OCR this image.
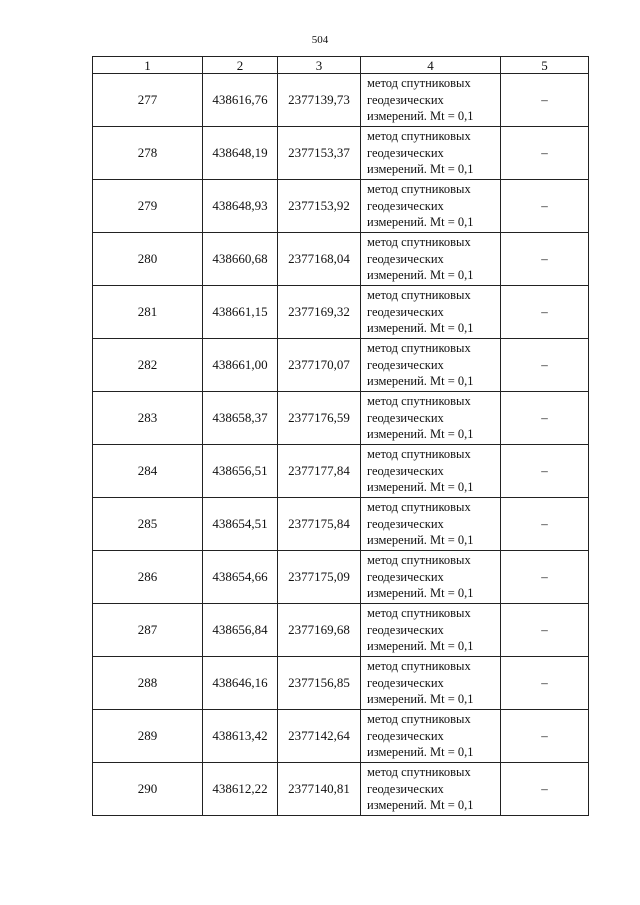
504
1	2	3	4	5
277	438616,76	2377139,73	метод спутниковых
геодезических
измерений. Mt = 0,1	–
278	438648,19	2377153,37	метод спутниковых
геодезических
измерений. Mt = 0,1	–
279	438648,93	2377153,92	метод спутниковых
геодезических
измерений. Mt = 0,1	–
280	438660,68	2377168,04	метод спутниковых
геодезических
измерений. Mt = 0,1	–
281	438661,15	2377169,32	метод спутниковых
геодезических
измерений. Mt = 0,1	–
282	438661,00	2377170,07	метод спутниковых
геодезических
измерений. Mt = 0,1	–
283	438658,37	2377176,59	метод спутниковых
геодезических
измерений. Mt = 0,1	–
284	438656,51	2377177,84	метод спутниковых
геодезических
измерений. Mt = 0,1	–
285	438654,51	2377175,84	метод спутниковых
геодезических
измерений. Mt = 0,1	–
286	438654,66	2377175,09	метод спутниковых
геодезических
измерений. Mt = 0,1	–
287	438656,84	2377169,68	метод спутниковых
геодезических
измерений. Mt = 0,1	–
288	438646,16	2377156,85	метод спутниковых
геодезических
измерений. Mt = 0,1	–
289	438613,42	2377142,64	метод спутниковых
геодезических
измерений. Mt = 0,1	–
290	438612,22	2377140,81	метод спутниковых
геодезических
измерений. Mt = 0,1	–
